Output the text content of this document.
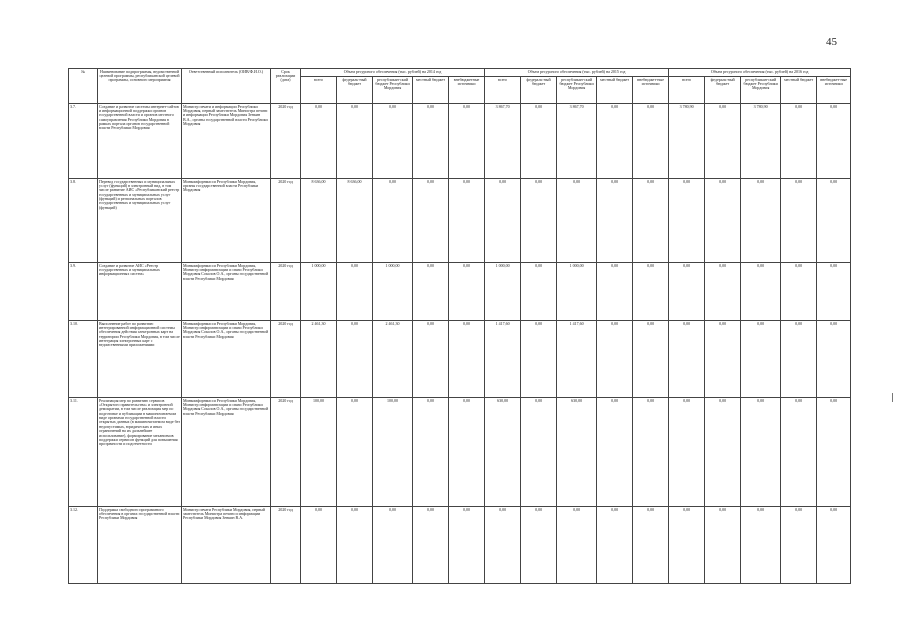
45
№	Наименование подпрограммы, ведомственной целевой программы, республиканской целевой программы, основного мероприятия	Ответственный исполнитель (ОИВ/Ф.И.О.)	Срок реализации (дата)	Объем ресурсного обеспечения (тыс. рублей) на 2014 год					Объем ресурсного обеспечения (тыс. рублей) на 2015 год					Объем ресурсного обеспечения (тыс. рублей) на 2016 год				
				всего	федераль-ный бюджет	республикан-ский бюджет Республики Мордовия	местный бюджет	внебюджетные источники	всего	федераль-ный бюджет	республикан-ский бюджет Республики Мордовия	местный бюджет	внебюджет-ные источники	всего	федераль-ный бюджет	республикан-ский бюджет Республики Мордовия	местный бюджет	внебюджет-ные источники
3.7.	Создание и развитие системы интернет-сайтов и информационной поддержки органов государственной власти и органов местного самоуправления Республики Мордовия в рамках портала органов государственной власти Республики Мордовия	Министр печати и информации Республики Мордовия, первый заместитель Министра печати и информации Республики Мордовия Зенкин В.А., органы государственной власти Республики Мордовия	2020 год	0,00	0,00	0,00	0,00	0,00	3 867,70	0,00	3 867,70	0,00	0,00	3 780,90	0,00	3 780,90	0,00	0,00
3.8.	Перевод государственных и муниципальных услуг (функций) в электронный вид, в том числе развитие АИС «Республиканский реестр государственных и муниципальных услуг (функций) и региональных порталов государственных и муниципальных услуг (функций)	Минкомфорнмасси Республики Мордовия, органы государственной власти Республики Мордовия	2020 год	8 636,00	8 636,00	0,00	0,00	0,00	0,00	0,00	0,00	0,00	0,00	0,00	0,00	0,00	0,00	0,00
3.9.	Создание и развитие АИС «Реестр государственных и муниципальных информационных систем»	Минкомфорнмасси Республики Мордовия, Министр информатизации и связи Республики Мордовия Соколов О.А., органы государственной власти Республики Мордовия	2020 год	1 000,00	0,00	1 000,00	0,00	0,00	1 000,00	0,00	1 000,00	0,00	0,00	0,00	0,00	0,00	0,00	0,00
3.10.	Выполнение работ по развитию интегрированной информационной системы обеспечения действия электронных карт на территории Республики Мордовия, в том числе интеграция электронных карт с ведомственными приложениями	Минкомфорнмасси Республики Мордовия, Министр информатизации и связи Республики Мордовия Соколов О.А., органы государственной власти Республики Мордовия	2020 год	2 461,30	0,00	2 461,30	0,00	0,00	1 417,60	0,00	1 417,60	0,00	0,00	0,00	0,00	0,00	0,00	0,00
3.11.	Реализация мер по развитию сервисов «Открытого правительства» и электронной демократии, в том числе реализация мер по подготовке и публикации в машиночитаемом виде органами государственной власти открытых данных (в машиночитаемом виде без недопустимых, юридических и иных ограничений на их дальнейшее использование), формирование механизмов поддержки сервисов функций для повышения прозрачности и подотчетности	Минкомфорнмасси Республики Мордовия, Министр информатизации и связи Республики Мордовия Соколов О.А., органы государственной власти Республики Мордовия	2020 год	100,00	0,00	100,00	0,00	0,00	630,00	0,00	630,00	0,00	0,00	0,00	0,00	0,00	0,00	0,00
3.12.	Поддержка свободного программного обеспечения в органах государственной власти Республики Мордовия	Министр печати Республики Мордовия, первый заместитель Министра печати и информации Республики Мордовия Зенкин В.А.	2020 год	0,00	0,00	0,00	0,00	0,00	0,00	0,00	0,00	0,00	0,00	0,00	0,00	0,00	0,00	0,00
